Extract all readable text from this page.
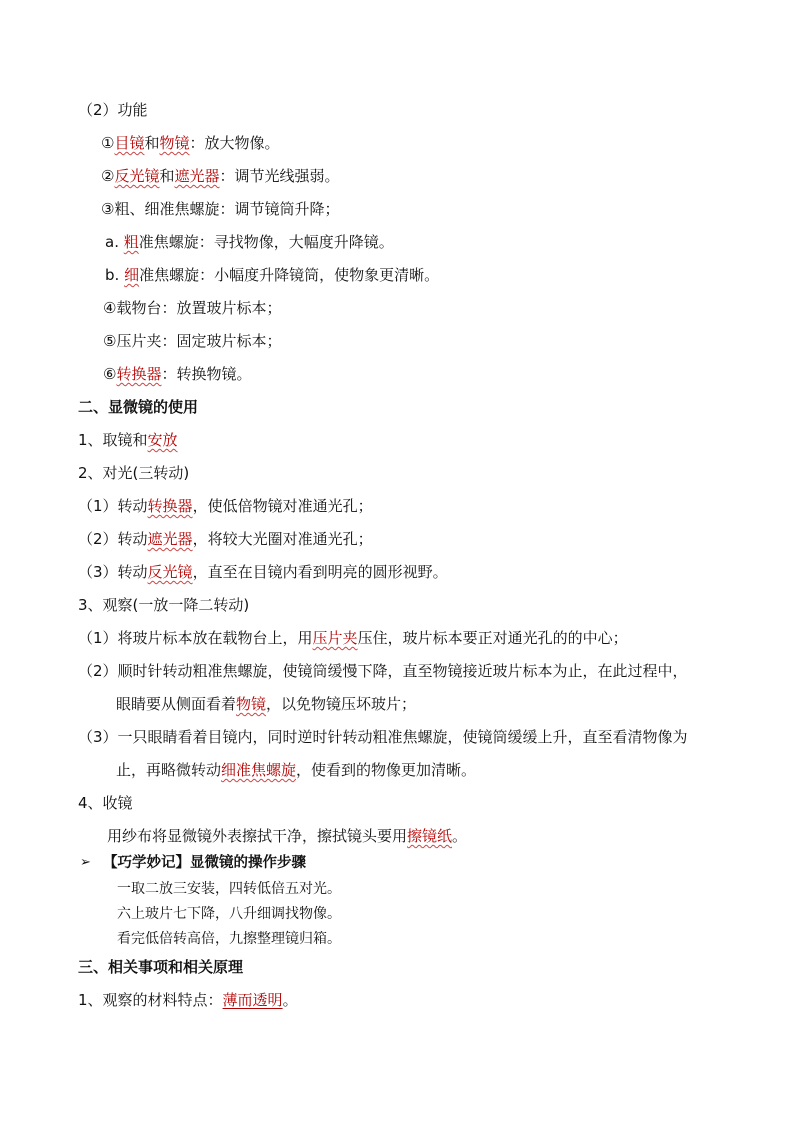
（2）功能
①目镜和物镜：放大物像。
②反光镜和遮光器：调节光线强弱。
③粗、细准焦螺旋：调节镜筒升降；
a. 粗准焦螺旋：寻找物像，大幅度升降镜。
b. 细准焦螺旋：小幅度升降镜筒，使物象更清晰。
④载物台：放置玻片标本；
⑤压片夹：固定玻片标本；
⑥转换器：转换物镜。
二、显微镜的使用
1、取镜和安放
2、对光(三转动)
（1）转动转换器，使低倍物镜对准通光孔；
（2）转动遮光器，将较大光圈对准通光孔；
（3）转动反光镜，直至在目镜内看到明亮的圆形视野。
3、观察(一放一降二转动)
（1）将玻片标本放在载物台上，用压片夹压住，玻片标本要正对通光孔的的中心；
（2）顺时针转动粗准焦螺旋，使镜筒缓慢下降，直至物镜接近玻片标本为止，在此过程中，
眼睛要从侧面看着物镜，以免物镜压坏玻片；
（3）一只眼睛看着目镜内，同时逆时针转动粗准焦螺旋，使镜筒缓缓上升，直至看清物像为
止，再略微转动细准焦螺旋，使看到的物像更加清晰。
4、收镜
用纱布将显微镜外表擦拭干净，擦拭镜头要用擦镜纸。
➢ 【巧学妙记】显微镜的操作步骤
一取二放三安装，四转低倍五对光。
六上玻片七下降，八升细调找物像。
看完低倍转高倍，九擦整理镜归箱。
三、相关事项和相关原理
1、观察的材料特点：薄而透明。
